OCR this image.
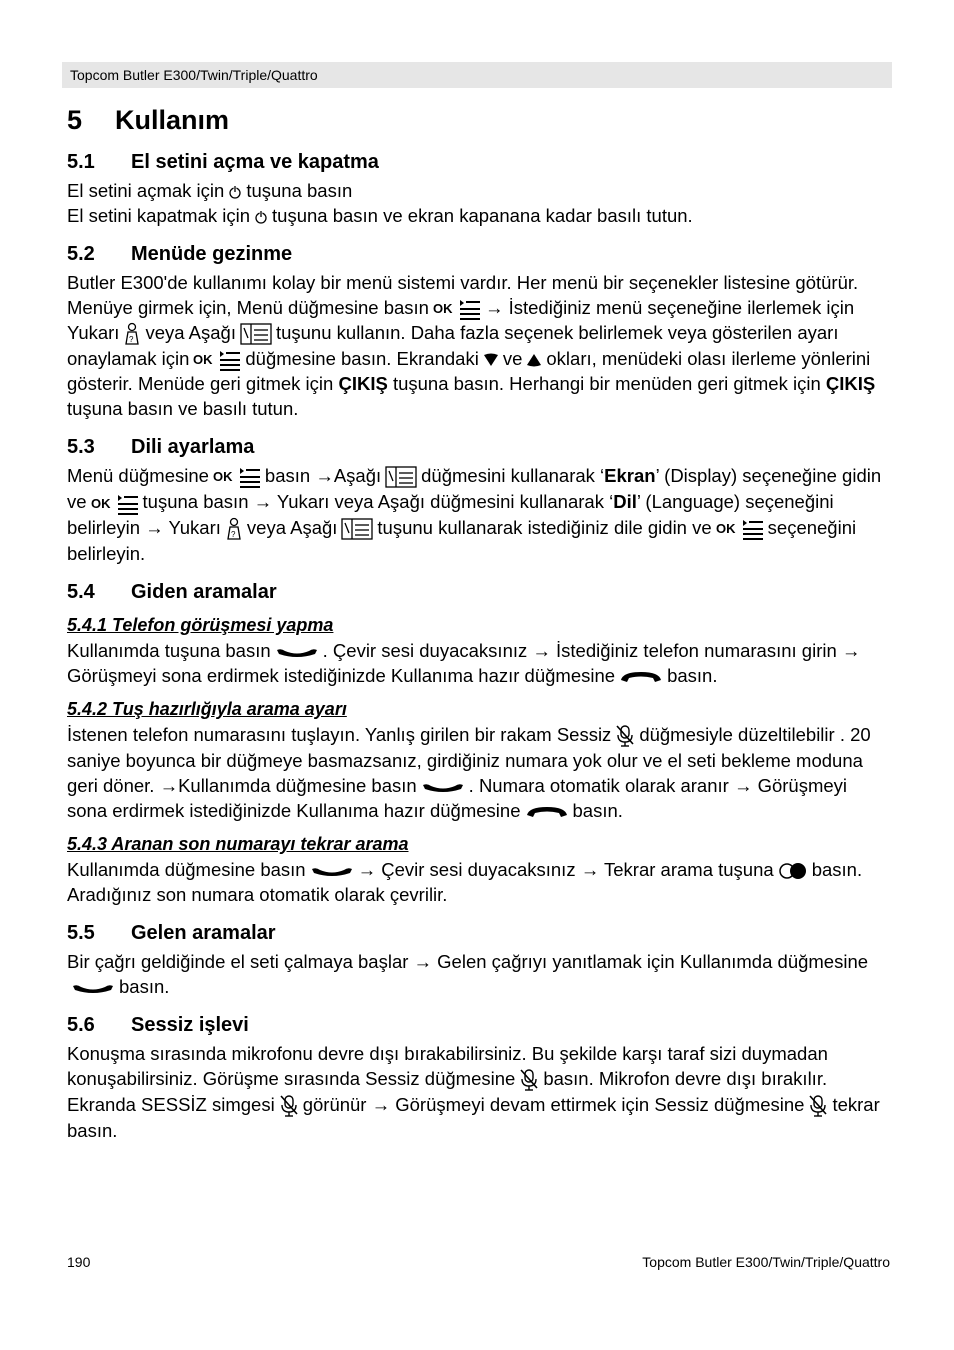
Topcom Butler E300/Twin/Triple/Quattro
5 Kullanım
5.1 El setini açma ve kapatma

El setini açmak için tuşuna basın
El setini kapatmak için tuşuna basın ve ekran kapanana kadar basılı tutun.

5.2 Menüde gezinme

Butler E300'de kullanımı kolay bir menü sistemi vardır. Her menü bir seçenekler listesine götürür. Menüye girmek için, Menü düğmesine basın	→ İstediğiniz menü seçeneğine ilerlemek için Yukarı veya Aşağı tuşunu kullanın. Daha fazla seçenek belirlemek veya gösterilen ayarı onaylamak için	düğmesine basın. Ekrandaki ve okları, menüdeki olası ilerleme yönlerini gösterir. Menüde geri gitmek için ÇIKIŞ tuşuna basın. Herhangi bir menüden geri gitmek için ÇIKIŞ tuşuna basın ve basılı tutun.

5.3 Dili ayarlama

Menü düğmesine	basın →Aşağı düğmesini kullanarak ‘Ekran’ (Display) seçeneğine gidin ve	tuşuna basın → Yukarı veya Aşağı düğmesini kullanarak ‘Dil’ (Language) seçeneğini belirleyin → Yukarı veya Aşağı tuşunu kullanarak istediğiniz dile gidin ve	seçeneğini belirleyin.

5.4 Giden aramalar
5.4.1 Telefon görüşmesi yapma

Kullanımda tuşuna basın	. Çevir sesi duyacaksınız → İstediğiniz telefon numarasını girin → Görüşmeyi sona erdirmek istediğinizde Kullanıma hazır düğmesine	basın.

5.4.2 Tuş hazırlığıyla arama ayarı

İstenen telefon numarasını tuşlayın. Yanlış girilen bir rakam Sessiz düğmesiyle düzeltilebilir . 20 saniye boyunca bir düğmeye basmazsanız, girdiğiniz numara yok olur ve el seti bekleme moduna geri döner. →Kullanımda düğmesine basın	. Numara otomatik olarak aranır → Görüşmeyi sona erdirmek istediğinizde Kullanıma hazır düğmesine	basın.

5.4.3 Aranan son numarayı tekrar arama

Kullanımda düğmesine basın	→ Çevir sesi duyacaksınız → Tekrar arama tuşuna basın. Aradığınız son numara otomatik olarak çevrilir.

5.5 Gelen aramalar

Bir çağrı geldiğinde el seti çalmaya başlar → Gelen çağrıyı yanıtlamak için Kullanımda düğmesine
basın.

5.6 Sessiz işlevi

Konuşma sırasında mikrofonu devre dışı bırakabilirsiniz. Bu şekilde karşı taraf sizi duymadan konuşabilirsiniz. Görüşme sırasında Sessiz düğmesine basın. Mikrofon devre dışı bırakılır. Ekranda SESSİZ simgesi görünür → Görüşmeyi devam ettirmek için Sessiz düğmesine tekrar basın.

190	Topcom Butler E300/Twin/Triple/Quattro
